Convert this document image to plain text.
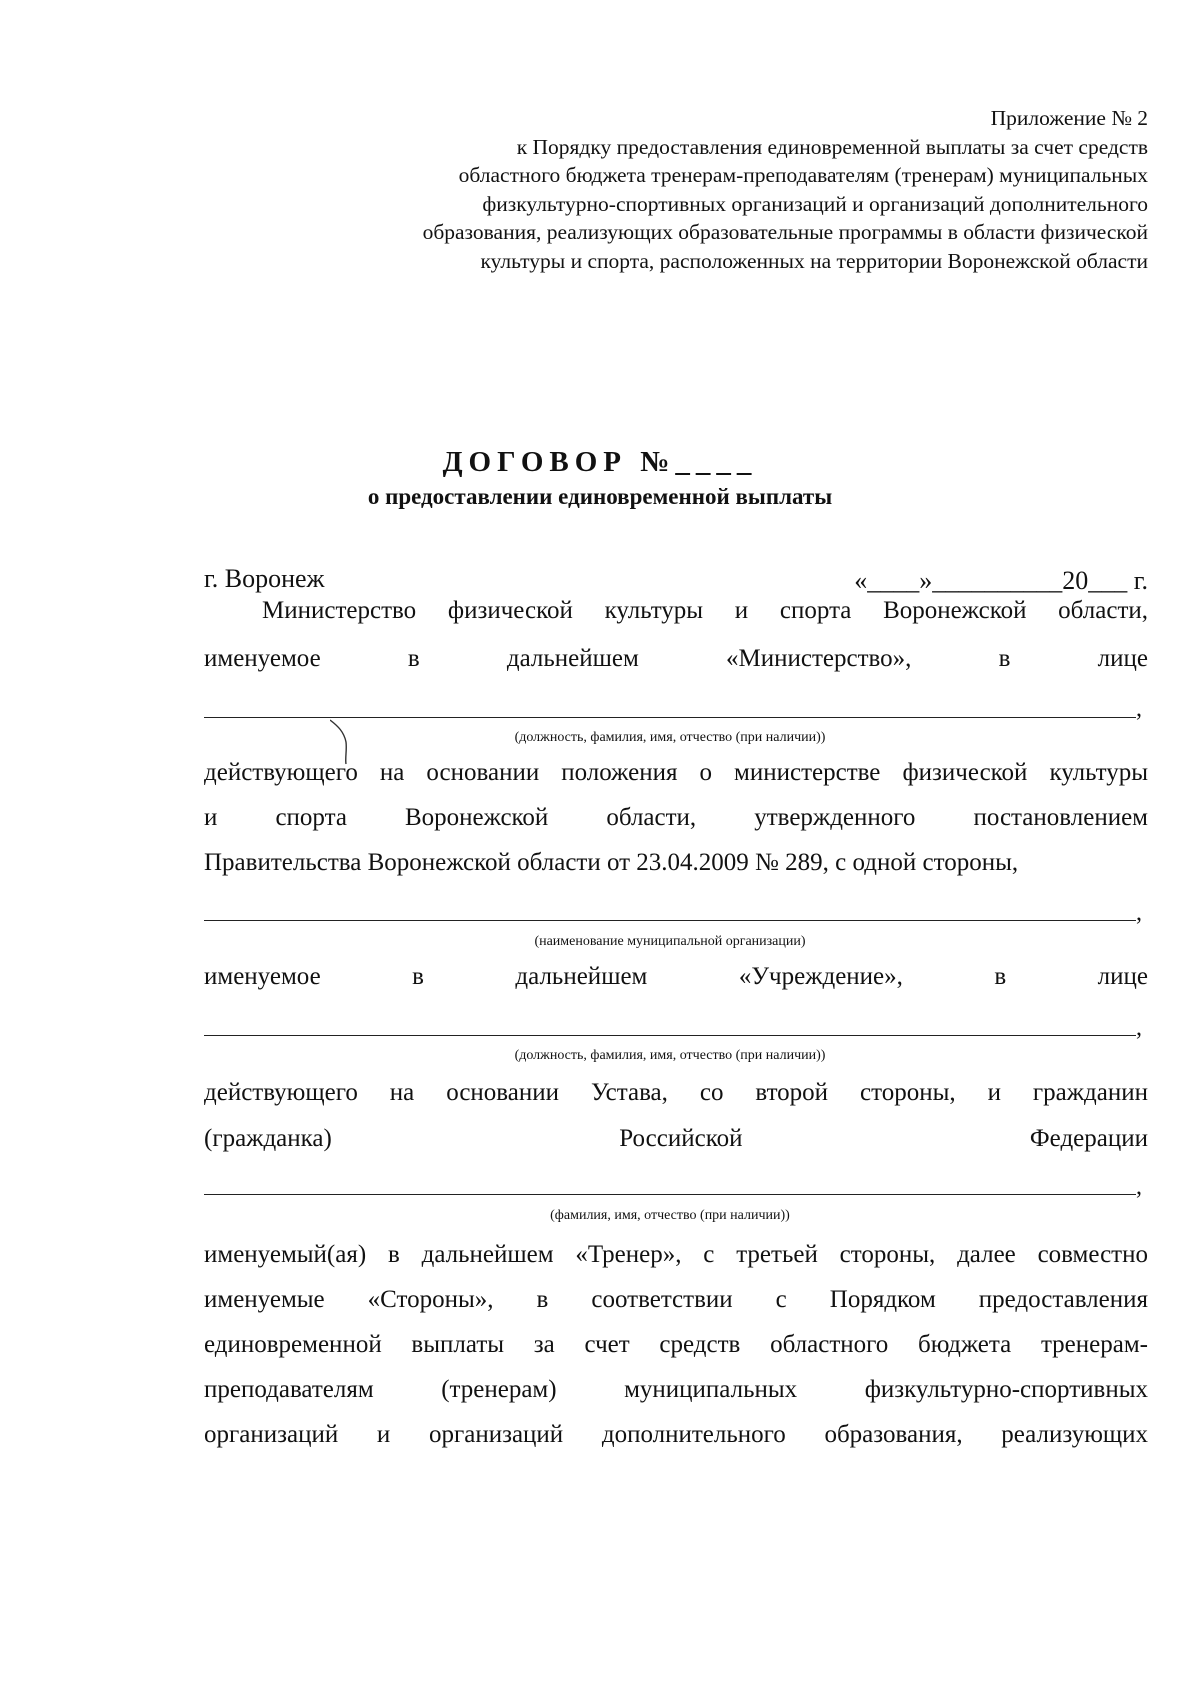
Приложение № 2
к Порядку предоставления единовременной выплаты за счет средств
областного бюджета тренерам-преподавателям (тренерам) муниципальных
физкультурно-спортивных организаций и организаций дополнительного
образования, реализующих образовательные программы в области физической
культуры и спорта, расположенных на территории Воронежской области
ДОГОВОР №____
о предоставлении единовременной выплаты
г. Воронеж	«____»__________20___ г.
Министерство физической культуры и спорта Воронежской области,
именуемое в дальнейшем «Министерство», в лице
,
(должность, фамилия, имя, отчество (при наличии))
действующего на основании положения о министерстве физической культуры
и спорта Воронежской области, утвержденного постановлением
Правительства Воронежской области от 23.04.2009 № 289, с одной стороны,
,
(наименование муниципальной организации)
именуемое в дальнейшем «Учреждение», в лице
,
(должность, фамилия, имя, отчество (при наличии))
действующего на основании Устава, со второй стороны, и гражданин
(гражданка) Российской Федерации
,
(фамилия, имя, отчество (при наличии))
именуемый(ая) в дальнейшем «Тренер», с третьей стороны, далее совместно
именуемые «Стороны», в соответствии с Порядком предоставления
единовременной выплаты за счет средств областного бюджета тренерам-
преподавателям (тренерам) муниципальных физкультурно-спортивных
организаций и организаций дополнительного образования, реализующих
